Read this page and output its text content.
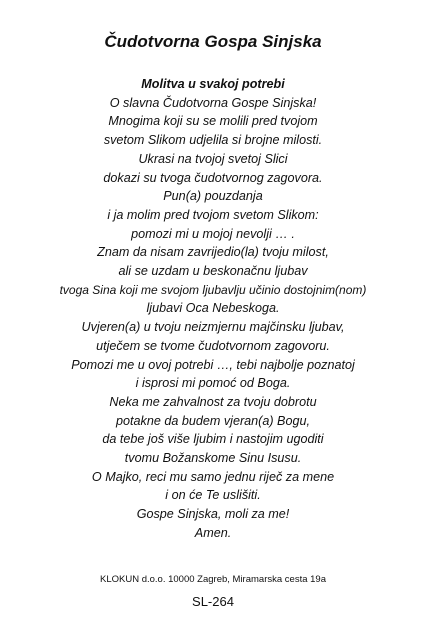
Čudotvorna Gospa Sinjska
Molitva u svakoj potrebi
O slavna Čudotvorna Gospe Sinjska!
Mnogima koji su se molili pred tvojom
svetom Slikom udjelila si brojne milosti.
Ukrasi na tvojoj svetoj Slici
dokazi su tvoga čudotvornog zagovora.
Pun(a) pouzdanja
i ja molim pred tvojom svetom Slikom:
pomozi mi u mojoj nevolji … .
Znam da nisam zavrijedio(la) tvoju milost,
ali se uzdam u beskonačnu ljubav
tvoga Sina koji me svojom ljubavlju učinio dostojnim(nom)
ljubavi Oca Nebeskoga.
Uvjeren(a) u tvoju neizmjernu majčinsku ljubav,
utječem se tvome čudotvornom zagovoru.
Pomozi me u ovoj potrebi …, tebi najbolje poznatoj
i isprosi mi pomoć od Boga.
Neka me zahvalnost za tvoju dobrotu
potakne da budem vjeran(a) Bogu,
da tebe još više ljubim i nastojim ugoditi
tvomu Božanskome Sinu Isusu.
O Majko, reci mu samo jednu riječ za mene
i on će Te uslišiti.
Gospe Sinjska, moli za me!
Amen.
KLOKUN d.o.o. 10000 Zagreb, Miramarska cesta 19a
SL-264
